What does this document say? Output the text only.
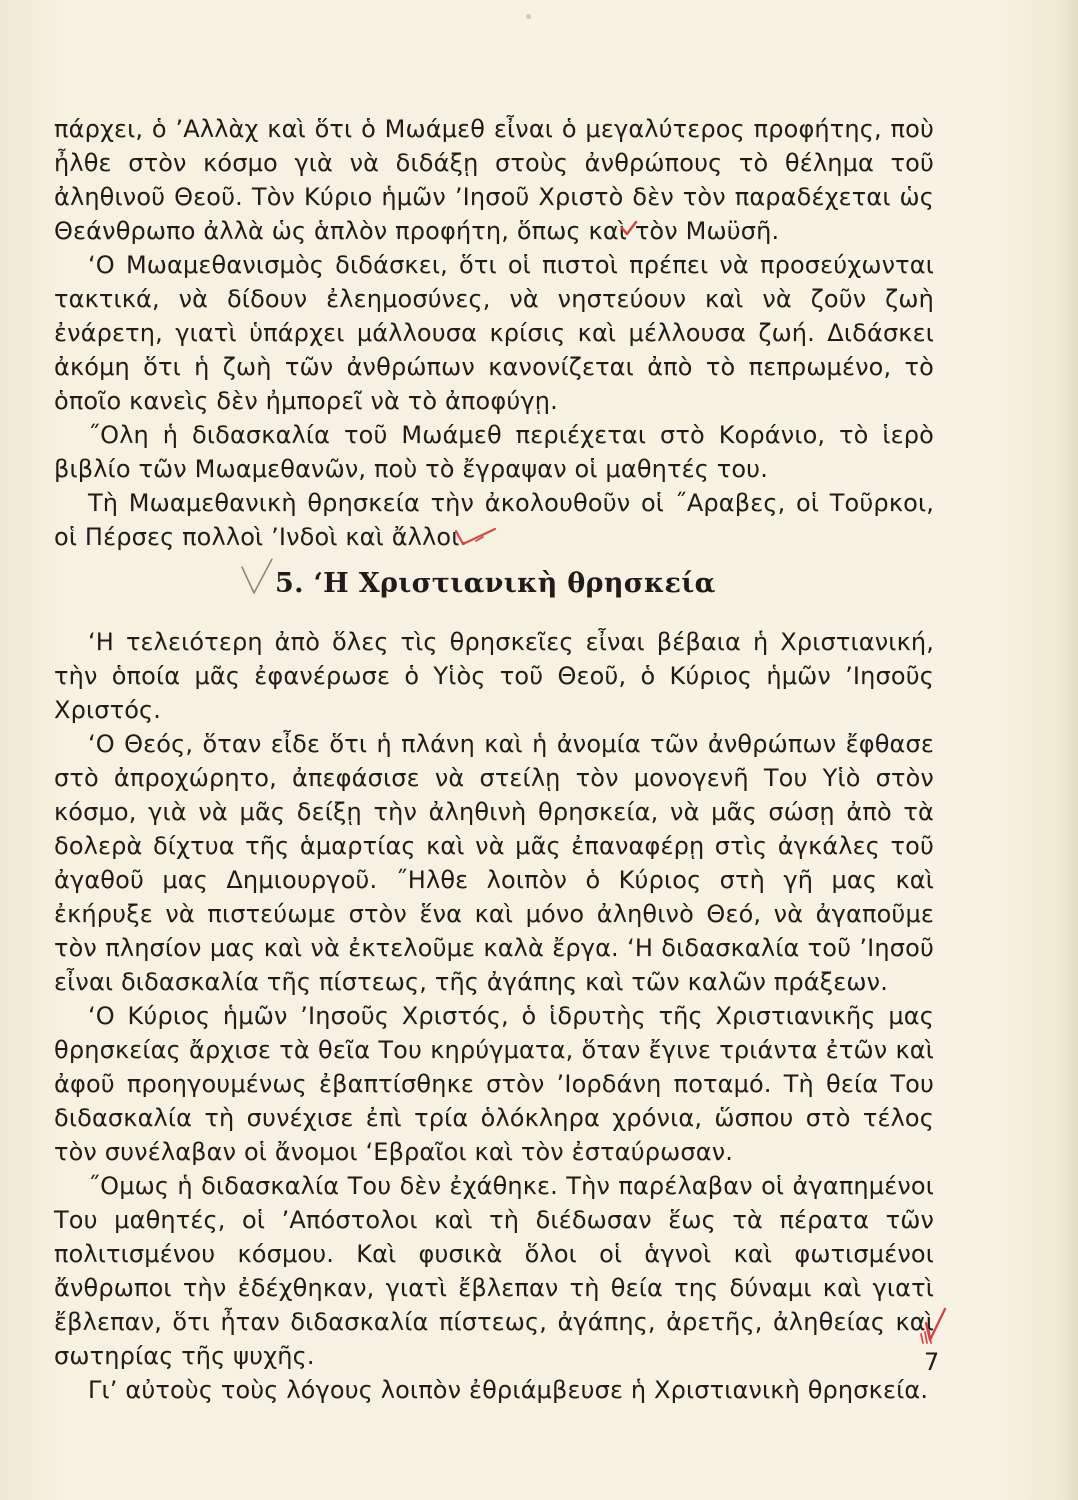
πάρχει, ὁ ’Αλλὰχ καὶ ὅτι ὁ Μωάμεθ εἶναι ὁ μεγαλύτερος προφήτης, ποὺ ἦλθε στὸν κόσμο γιὰ νὰ διδάξῃ στοὺς ἀνθρώπους τὸ θέλημα τοῦ ἀληθινοῦ Θεοῦ. Τὸν Κύριο ἡμῶν ’Ιησοῦ Χριστὸ δὲν τὸν παραδέχεται ὡς Θεάνθρωπο ἀλλὰ ὡς ἁπλὸν προφήτη, ὅπως καὶ τὸν Μωϋσῆ.

‘Ο Μωαμεθανισμὸς διδάσκει, ὅτι οἱ πιστοὶ πρέπει νὰ προσεύχωνται τακτικά, νὰ δίδουν ἐλεημοσύνες, νὰ νηστεύουν καὶ νὰ ζοῦν ζωὴ ἐνάρετη, γιατὶ ὑπάρχει μάλλουσα κρίσις καὶ μέλλουσα ζωή. Διδάσκει ἀκόμη ὅτι ἡ ζωὴ τῶν ἀνθρώπων κανονίζεται ἀπὸ τὸ πεπρωμένο, τὸ ὁποῖο κανεὶς δὲν ἠμπορεῖ νὰ τὸ ἀποφύγῃ.

˝Ολη ἡ διδασκαλία τοῦ Μωάμεθ περιέχεται στὸ Κοράνιο, τὸ ἱερὸ βιβλίο τῶν Μωαμεθανῶν, ποὺ τὸ ἔγραψαν οἱ μαθητές του.

Τὴ Μωαμεθανικὴ θρησκεία τὴν ἀκολουθοῦν οἱ ˝Αραβες, οἱ Τοῦρκοι, οἱ Πέρσες πολλοὶ ’Ινδοὶ καὶ ἄλλοι.

5. ‘Η Χριστιανικὴ θρησκεία

‘Η τελειότερη ἀπὸ ὅλες τὶς θρησκεῖες εἶναι βέβαια ἡ Χριστιανική, τὴν ὁποία μᾶς ἐφανέρωσε ὁ Υἱὸς τοῦ Θεοῦ, ὁ Κύριος ἡμῶν ’Ιησοῦς Χριστός.

‘Ο Θεός, ὅταν εἶδε ὅτι ἡ πλάνη καὶ ἡ ἀνομία τῶν ἀνθρώπων ἔφθασε στὸ ἀπροχώρητο, ἀπεφάσισε νὰ στείλῃ τὸν μονογενῆ Του Υἱὸ στὸν κόσμο, γιὰ νὰ μᾶς δείξῃ τὴν ἀληθινὴ θρησκεία, νὰ μᾶς σώσῃ ἀπὸ τὰ δολερὰ δίχτυα τῆς ἁμαρτίας καὶ νὰ μᾶς ἐπαναφέρῃ στὶς ἀγκάλες τοῦ ἀγαθοῦ μας Δημιουργοῦ. ˝Ηλθε λοιπὸν ὁ Κύριος στὴ γῆ μας καὶ ἐκήρυξε νὰ πιστεύωμε στὸν ἕνα καὶ μόνο ἀληθινὸ Θεό, νὰ ἀγαποῦμε τὸν πλησίον μας καὶ νὰ ἐκτελοῦμε καλὰ ἔργα. ‘Η διδασκαλία τοῦ ’Ιησοῦ εἶναι διδασκαλία τῆς πίστεως, τῆς ἀγάπης καὶ τῶν καλῶν πράξεων.

‘Ο Κύριος ἡμῶν ’Ιησοῦς Χριστός, ὁ ἱδρυτὴς τῆς Χριστιανικῆς μας θρησκείας ἄρχισε τὰ θεῖα Του κηρύγματα, ὅταν ἔγινε τριάντα ἐτῶν καὶ ἀφοῦ προηγουμένως ἐβαπτίσθηκε στὸν ’Ιορδάνη ποταμό. Τὴ θεία Του διδασκαλία τὴ συνέχισε ἐπὶ τρία ὁλόκληρα χρόνια, ὥσπου στὸ τέλος τὸν συνέλαβαν οἱ ἄνομοι ‘Εβραῖοι καὶ τὸν ἐσταύρωσαν.

˝Ομως ἡ διδασκαλία Του δὲν ἐχάθηκε. Τὴν παρέλαβαν οἱ ἀγαπημένοι Του μαθητές, οἱ ’Απόστολοι καὶ τὴ διέδωσαν ἕως τὰ πέρατα τῶν πολιτισμένου κόσμου. Καὶ φυσικὰ ὅλοι οἱ ἁγνοὶ καὶ φωτισμένοι ἄνθρωποι τὴν ἐδέχθηκαν, γιατὶ ἔβλεπαν τὴ θεία της δύναμι καὶ γιατὶ ἔβλεπαν, ὅτι ἦταν διδασκαλία πίστεως, ἀγάπης, ἀρετῆς, ἀληθείας καὶ σωτηρίας τῆς ψυχῆς.

Γι’ αὐτοὺς τοὺς λόγους λοιπὸν ἐθριάμβευσε ἡ Χριστιανικὴ θρησκεία.

7
